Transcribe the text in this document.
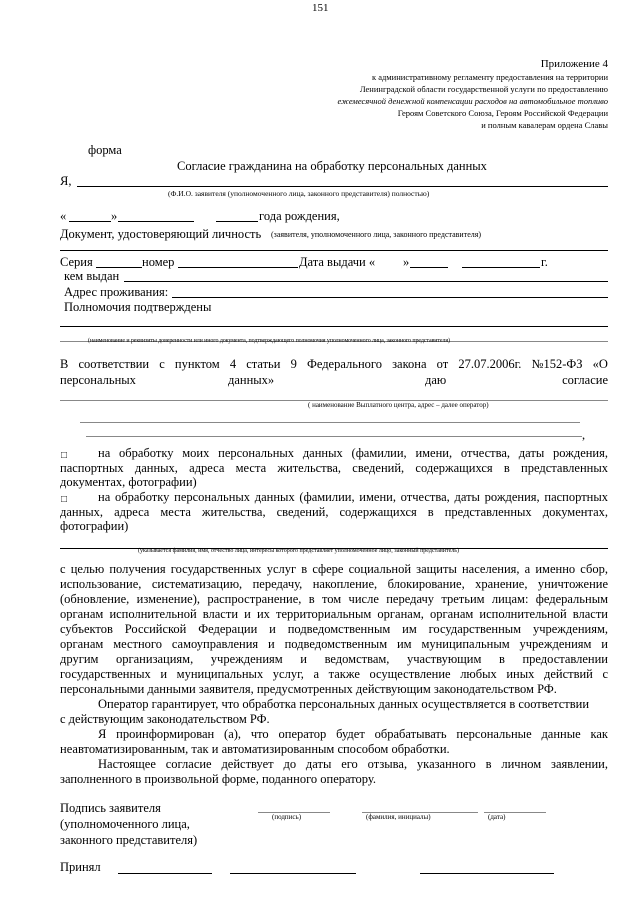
151
Приложение 4
к административному регламенту предоставления на территории
Ленинградской области государственной услуги по предоставлению
ежемесячной денежной компенсации расходов на автомобильное топливо
Героям Советского Союза, Героям Российской Федерации
и полным кавалерам ордена Славы
форма
Согласие гражданина на обработку персональных данных
Я,
(Ф.И.О. заявителя (уполномоченного лица, законного представителя) полностью)
«	»	года рождения,
Документ, удостоверяющий личность (заявителя, уполномоченного лица, законного представителя)
Серия	номер	Дата выдачи « »	г.
кем выдан
Адрес проживания:
Полномочия подтверждены
(наименование и реквизиты доверенности или иного документа, подтверждающего полномочия уполномоченного лица, законного представителя)
В соответствии с пунктом 4 статьи 9 Федерального закона от 27.07.2006г. №152-ФЗ «О
персональных	данных»	даю	согласие
( наименование Выплатного центра, адрес – далее оператор)
,
□ на обработку моих персональных данных (фамилии, имени, отчества, даты рождения,
паспортных данных, адреса места жительства, сведений, содержащихся в представленных
документах, фотографии)
□ на обработку персональных данных (фамилии, имени, отчества, даты рождения, паспортных
данных, адреса места жительства, сведений, содержащихся в представленных документах,
фотографии)
(указывается фамилия, имя, отчество лица, интересы которого представляет уполномоченное лицо, законный представитель)
с целью получения государственных услуг в сфере социальной защиты населения, а именно сбор,
использование, систематизацию, передачу, накопление, блокирование, хранение, уничтожение
(обновление, изменение), распространение, в том числе передачу третьим лицам: федеральным
органам исполнительной власти и их территориальным органам, органам исполнительной власти
субъектов Российской Федерации и подведомственным им государственным учреждениям,
органам местного самоуправления и подведомственным им муниципальным учреждениям и
другим организациям, учреждениям и ведомствам, участвующим в предоставлении
государственных и муниципальных услуг, а также осуществление любых иных действий с
персональными данными заявителя, предусмотренных действующим законодательством РФ.
Оператор гарантирует, что обработка персональных данных осуществляется в соответствии
с действующим законодательством РФ.
Я проинформирован (а), что оператор будет обрабатывать персональные данные как
неавтоматизированным, так и автоматизированным способом обработки.
Настоящее согласие действует до даты его отзыва, указанного в личном заявлении,
заполненного в произвольной форме, поданного оператору.
Подпись заявителя
(уполномоченного лица,
законного представителя)
(подпись)	(фамилия, инициалы)	(дата)
Принял
